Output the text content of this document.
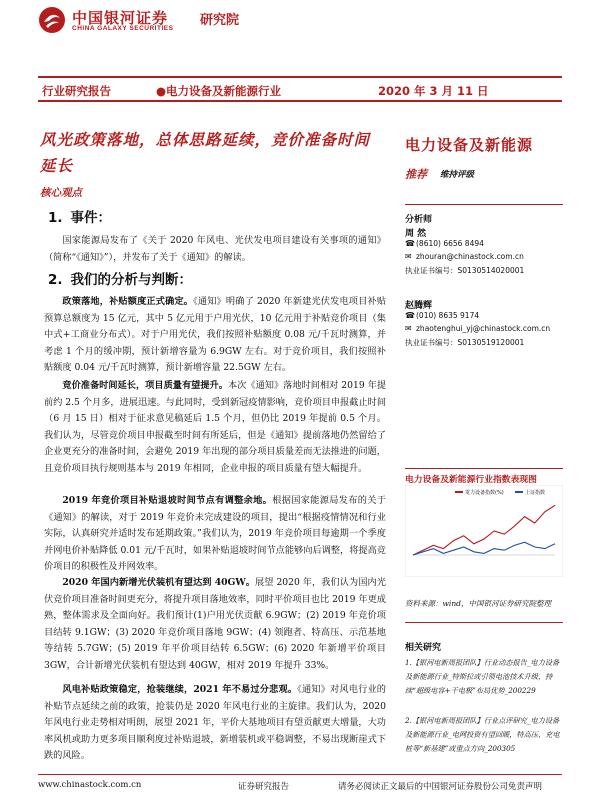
中国银河证券
CHINA GALAXY SECURITIES
研究院
行业研究报告	●电力设备及新能源行业	2020 年 3 月 11 日
风光政策落地，总体思路延续，竞价准备时间延长
核心观点
1. 事件：
国家能源局发布了《关于 2020 年风电、光伏发电项目建设有关事项的通知》（简称“《通知》”），并发布了关于《通知》的解读。
2. 我们的分析与判断：
政策落地，补贴额度正式确定。《通知》明确了 2020 年新建光伏发电项目补贴预算总额度为 15 亿元，其中 5 亿元用于户用光伏，10 亿元用于补贴竞价项目（集中式+工商业分布式）。对于户用光伏，我们按照补贴额度 0.08 元/千瓦时测算，并考虑 1 个月的缓冲期，预计新增容量为 6.9GW 左右。对于竞价项目，我们按照补贴额度 0.04 元/千瓦时测算，预计新增容量 22.5GW 左右。
竞价准备时间延长，项目质量有望提升。本次《通知》落地时间相对 2019 年提前约 2.5 个月多，进展迅速。与此同时，受到新冠疫情影响，竞价项目申报截止时间（6 月 15 日）相对于征求意见稿延后 1.5 个月，但仍比 2019 年提前 0.5 个月。我们认为，尽管竞价项目申报截至时间有所延后，但是《通知》提前落地仍然留给了企业更充分的准备时间，会避免 2019 年出现的部分项目质量差而无法推进的问题，且竞价项目执行规则基本与 2019 年相同，企业申报的项目质量有望大幅提升。
2019 年竞价项目补贴退坡时间节点有调整余地。根据国家能源局发布的关于《通知》的解读，对于 2019 年竞价未完成建设的项目，提出“根据疫情情况和行业实际，认真研究并适时发布延期政策。”我们认为，2019 年竞价项目每逾期一个季度并网电价补贴降低 0.01 元/千瓦时，如果补贴退坡时间节点能够向后调整，将提高竞价项目的积极性及并网效率。
2020 年国内新增光伏装机有望达到 40GW。展望 2020 年，我们认为国内光伏竞价项目准备时间更充分，将提升项目落地效率，同时平价项目也比 2019 年更成熟，整体需求及全面向好。我们预计(1)户用光伏贡献 6.9GW；(2) 2019 年竞价项目结转 9.1GW；(3) 2020 年竞价项目落地 9GW；(4) 领跑者、特高压、示范基地等结转 5.7GW；(5) 2019 年平价项目结转 6.5GW；(6) 2020 年新增平价项目 3GW，合计新增光伏装机有望达到 40GW，相对 2019 年提升 33%。
风电补贴政策稳定，抢装继续，2021 年不易过分悲观。《通知》对风电行业的补贴节点延续之前的政策，抢装仍是 2020 年风电行业的主旋律。我们认为，2020 年风电行业走势相对明朗，展望 2021 年，平价大基地项目有望贡献更大增量，大功率风机或助力更多项目顺利度过补贴退坡，新增装机或平稳调整，不易出现断崖式下跌的风险。
电力设备及新能源
推荐 维持评级
分析师
周 然
☎(8610) 6656 8494
✉ zhouran@chinastock.com.cn
执业证书编号：S0130514020001
赵腾辉
☎(010) 8635 9174
✉ zhaotenghui_yj@chinastock.com.cn
执业证书编号：S0130519120001
电力设备及新能源行业指数表现图
電力设备指数(%)	上证指数
资料来源：wind，中国银河证券研究院整理
相关研究
1.【银河电新周报团队】行业动态报告_电力设备及新能源行业_特斯拉或引领电池技术升级，持续“超级电容+干电极”布局优势_200229
2.【银河电新周报团队】行业点评研究_电力设备及新能源行业_电网投资有望回暖，特高压、充电桩等“新基建”或重点方向_200305
www.chinastock.com.cn	证券研究报告	请务必阅读正文最后的中国银河证券股份公司免责声明
